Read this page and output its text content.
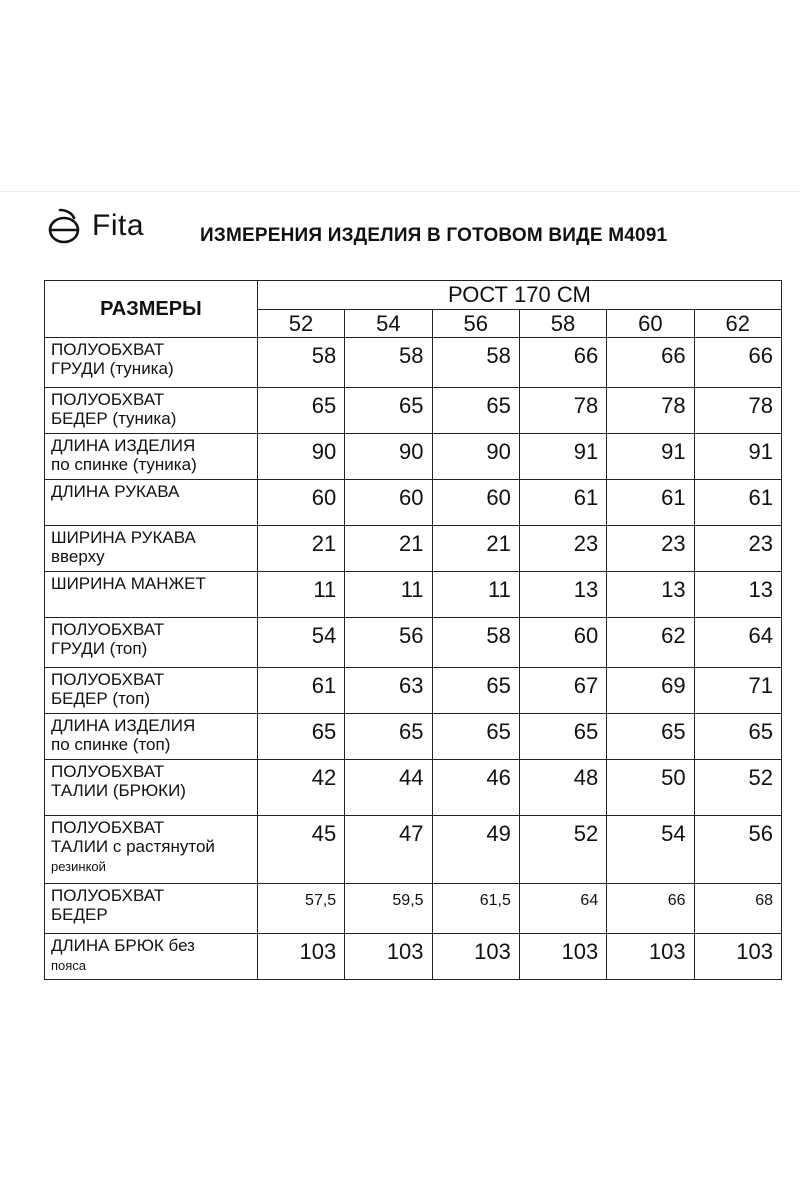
Fita	ИЗМЕРЕНИЯ ИЗДЕЛИЯ В ГОТОВОМ ВИДЕ М4091
РАЗМЕРЫ	РОСТ 170 СМ					
	52	54	56	58	60	62
ПОЛУОБХВАТ
ГРУДИ (туника)	58	58	58	66	66	66
ПОЛУОБХВАТ
БЕДЕР (туника)	65	65	65	78	78	78
ДЛИНА ИЗДЕЛИЯ
по спинке (туника)	90	90	90	91	91	91
ДЛИНА РУКАВА	60	60	60	61	61	61
ШИРИНА РУКАВА
вверху	21	21	21	23	23	23
ШИРИНА МАНЖЕТ	11	11	11	13	13	13
ПОЛУОБХВАТ
ГРУДИ (топ)	54	56	58	60	62	64
ПОЛУОБХВАТ
БЕДЕР (топ)	61	63	65	67	69	71
ДЛИНА ИЗДЕЛИЯ
по спинке (топ)	65	65	65	65	65	65
ПОЛУОБХВАТ
ТАЛИИ (БРЮКИ)	42	44	46	48	50	52
ПОЛУОБХВАТ
ТАЛИИ с растянутой
резинкой	45	47	49	52	54	56
ПОЛУОБХВАТ
БЕДЕР	57,5	59,5	61,5	64	66	68
ДЛИНА БРЮК без
пояса	103	103	103	103	103	103
